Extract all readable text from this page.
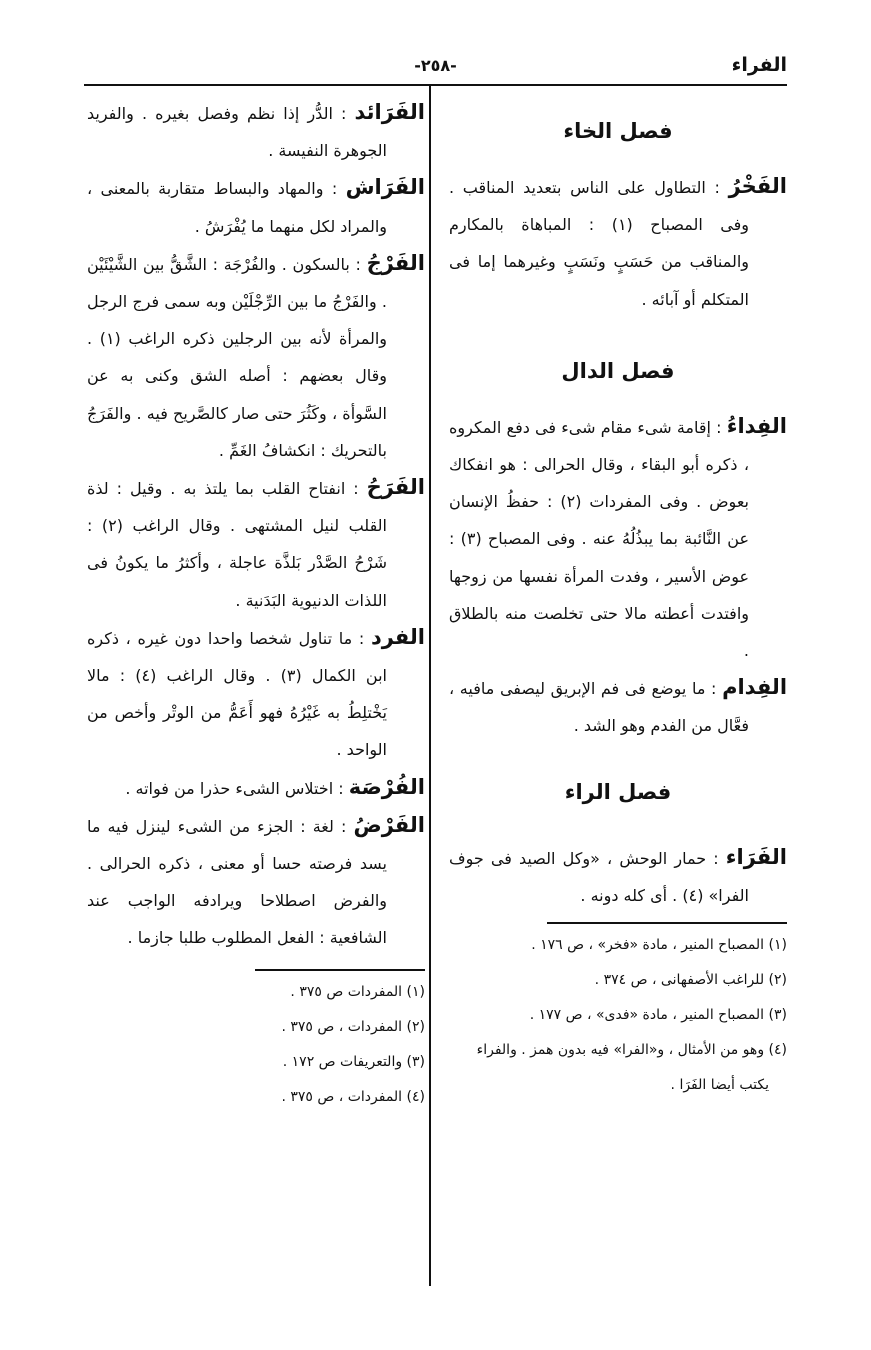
الفراء
-٢٥٨-
فصل الخاء

الفَخْرُ : التطاول على الناس بتعديد المناقب . وفى المصباح (١) : المباهاة بالمكارم والمناقب من حَسَبٍ ونَسَبٍ وغيرهما إما فى المتكلم أو آبائه .

فصل الدال

الفِداءُ : إقامة شىء مقام شىء فى دفع المكروه ، ذكره أبو البقاء ، وقال الحرالى : هو انفكاك بعوض . وفى المفردات (٢) : حفظُ الإنسان عن النَّائبة بما يبذُلُهُ عنه . وفى المصباح (٣) : عوض الأسير ، وفدت المرأة نفسها من زوجها وافتدت أعطته مالا حتى تخلصت منه بالطلاق .

الفِدام : ما يوضع فى فم الإبريق ليصفى مافيه ، فعَّال من الفدم وهو الشد .

فصل الراء

الفَرَاء : حمار الوحش ، «وكل الصيد فى جوف الفرا» (٤) . أى كله دونه .

(١) المصباح المنير ، مادة «فخر» ، ص ١٧٦ .

(٢) للراغب الأصفهانى ، ص ٣٧٤ .

(٣) المصباح المنير ، مادة «فدى» ، ص ١٧٧ .

(٤) وهو من الأمثال ، و«الفرا» فيه بدون همز . والفراء يكتب أيضا الفَرَا .

الفَرَائد : الدُّر إذا نظم وفصل بغيره . والفريد الجوهرة النفيسة .

الفَرَاش : والمهاد والبساط متقاربة بالمعنى ، والمراد لكل منهما ما يُفْرَشُ .

الفَرْجُ : بالسكون . والفُرْجَة : الشَّقُّ بين الشَّيْئَيْن . والفَرْجُ ما بين الرِّجْلَيْن وبه سمى فرج الرجل والمرأة لأنه بين الرجلين ذكره الراغب (١) . وقال بعضهم : أصله الشق وكنى به عن السَّوأة ، وكَثُرَ حتى صار كالصَّريح فيه . والفَرَجُ بالتحريك : انكشافُ الغَمِّ .

الفَرَحُ : انفتاح القلب بما يلتذ به . وقيل : لذة القلب لنيل المشتهى . وقال الراغب (٢) : شَرْحُ الصَّدْر بَلذَّة عاجلة ، وأكثرُ ما يكونُ فى اللذات الدنيوية البَدَنية .

الفرد : ما تناول شخصا واحدا دون غيره ، ذكره ابن الكمال (٣) . وقال الراغب (٤) : مالا يَخْتلِطُ به غَيْرُهُ فهو أَعَمُّ من الوتْر وأخص من الواحد .

الفُرْصَة : اختلاس الشىء حذرا من فواته .

الفَرْضُ : لغة : الجزء من الشىء لينزل فيه ما يسد فرصته حسا أو معنى ، ذكره الحرالى . والفرض اصطلاحا ويرادفه الواجب عند الشافعية : الفعل المطلوب طلبا جازما .

(١) المفردات ص ٣٧٥ .

(٢) المفردات ، ص ٣٧٥ .

(٣) والتعريفات ص ١٧٢ .

(٤) المفردات ، ص ٣٧٥ .
